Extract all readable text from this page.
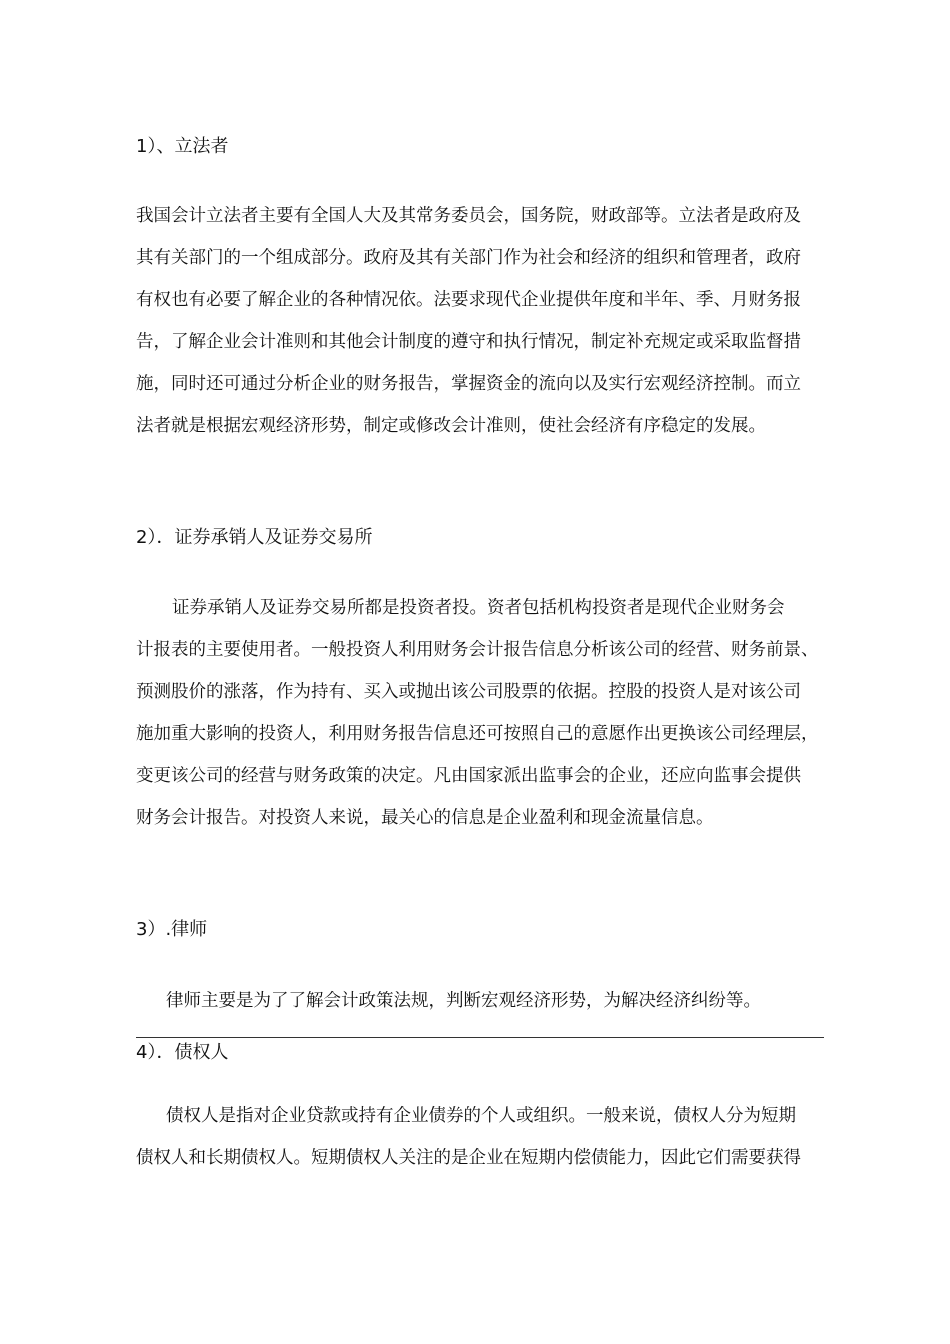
1）、立法者
我国会计立法者主要有全国人大及其常务委员会，国务院，财政部等。立法者是政府及
其有关部门的一个组成部分。政府及其有关部门作为社会和经济的组织和管理者，政府
有权也有必要了解企业的各种情况依。法要求现代企业提供年度和半年、季、月财务报
告，了解企业会计准则和其他会计制度的遵守和执行情况，制定补充规定或采取监督措
施，同时还可通过分析企业的财务报告，掌握资金的流向以及实行宏观经济控制。而立
法者就是根据宏观经济形势，制定或修改会计准则，使社会经济有序稳定的发展。
2）．证券承销人及证券交易所
证券承销人及证券交易所都是投资者投。资者包括机构投资者是现代企业财务会
计报表的主要使用者。一般投资人利用财务会计报告信息分析该公司的经营、财务前景、
预测股价的涨落，作为持有、买入或抛出该公司股票的依据。控股的投资人是对该公司
施加重大影响的投资人，利用财务报告信息还可按照自己的意愿作出更换该公司经理层，
变更该公司的经营与财务政策的决定。凡由国家派出监事会的企业，还应向监事会提供
财务会计报告。对投资人来说，最关心的信息是企业盈利和现金流量信息。
3）.律师
律师主要是为了了解会计政策法规，判断宏观经济形势，为解决经济纠纷等。
4）．债权人
债权人是指对企业贷款或持有企业债券的个人或组织。一般来说，债权人分为短期
债权人和长期债权人。短期债权人关注的是企业在短期内偿债能力，因此它们需要获得
